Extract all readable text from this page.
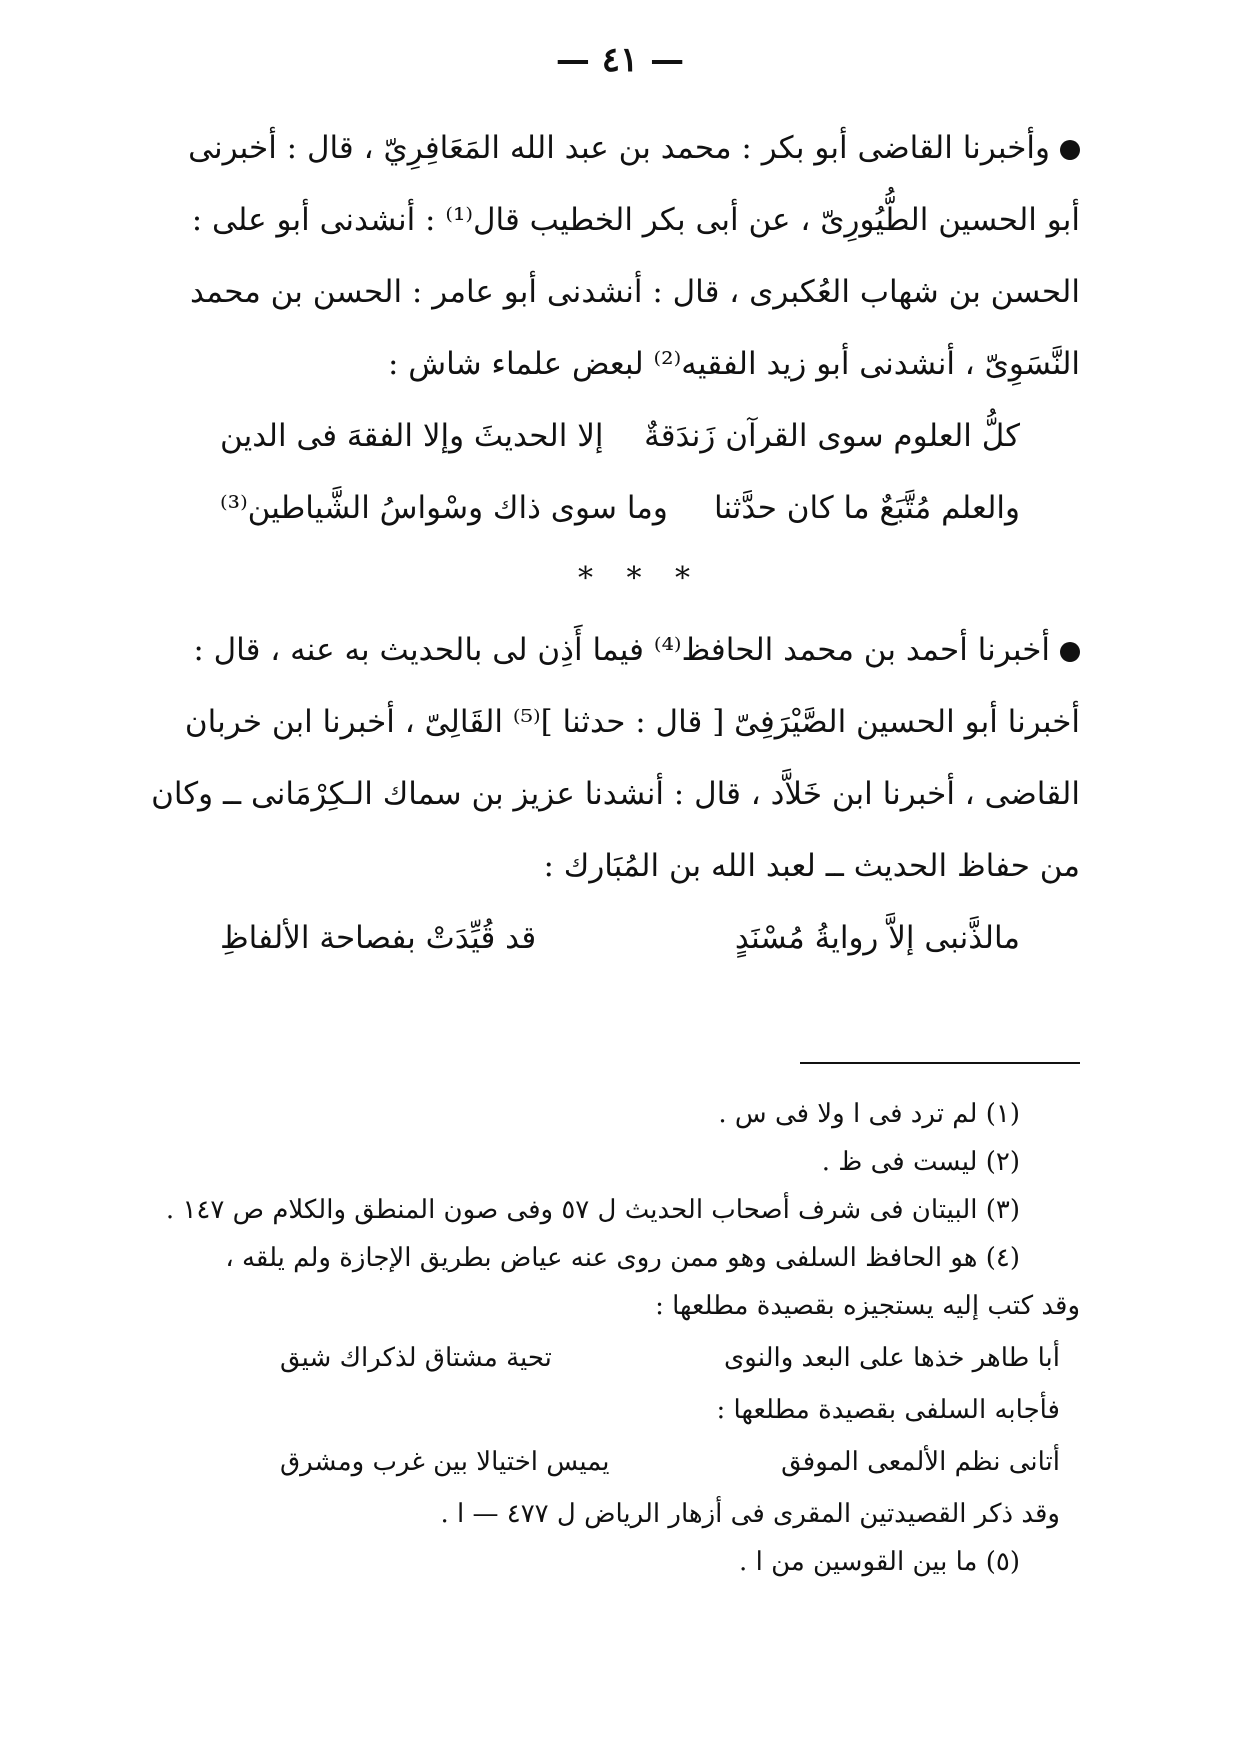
— ٤١ —

وأخبرنا القاضى أبو بكر : محمد بن عبد الله المَعَافِرِيّ ، قال : أخبرنى

أبو الحسين الطُّيُورِىّ ، عن أبى بكر الخطيب قال⁽¹⁾ : أنشدنى أبو على :

الحسن بن شهاب العُكبرى ، قال : أنشدنى أبو عامر : الحسن بن محمد

النَّسَوِىّ ، أنشدنى أبو زيد الفقيه⁽²⁾ لبعض علماء شاش :

كلُّ العلوم سوى القرآن زَندَقةٌ
إلا الحديثَ وإلا الفقهَ فى الدين
والعلم مُتَّبَعٌ ما كان حدَّثنا
وما سوى ذاك وسْواسُ الشَّياطين⁽³⁾
* * *

أخبرنا أحمد بن محمد الحافظ⁽⁴⁾ فيما أَذِن لى بالحديث به عنه ، قال :

أخبرنا أبو الحسين الصَّيْرَفِىّ [ قال : حدثنا ]⁽⁵⁾ القَالِىّ ، أخبرنا ابن خربان

القاضى ، أخبرنا ابن خَلاَّد ، قال : أنشدنا عزيز بن سماك الـكِرْمَانى ــ وكان

من حفاظ الحديث ــ لعبد الله بن المُبَارك :

مالذَّنبى إلاَّ روايةُ مُسْنَدٍ
قد قُيِّدَتْ بفصاحة الألفاظِ

(١) لم ترد فى ا ولا فى س .

(٢) ليست فى ظ .

(٣) البيتان فى شرف أصحاب الحديث ل ٥٧ وفى صون المنطق والكلام ص ١٤٧ .

(٤) هو الحافظ السلفى وهو ممن روى عنه عياض بطريق الإجازة ولم يلقه ،

وقد كتب إليه يستجيزه بقصيدة مطلعها :

أبا طاهر خذها على البعد والنوى
تحية مشتاق لذكراك شيق

فأجابه السلفى بقصيدة مطلعها :

أتانى نظم الألمعى الموفق
يميس اختيالا بين غرب ومشرق

وقد ذكر القصيدتين المقرى فى أزهار الرياض ل ٤٧٧ — ا .

(٥) ما بين القوسين من ا .
